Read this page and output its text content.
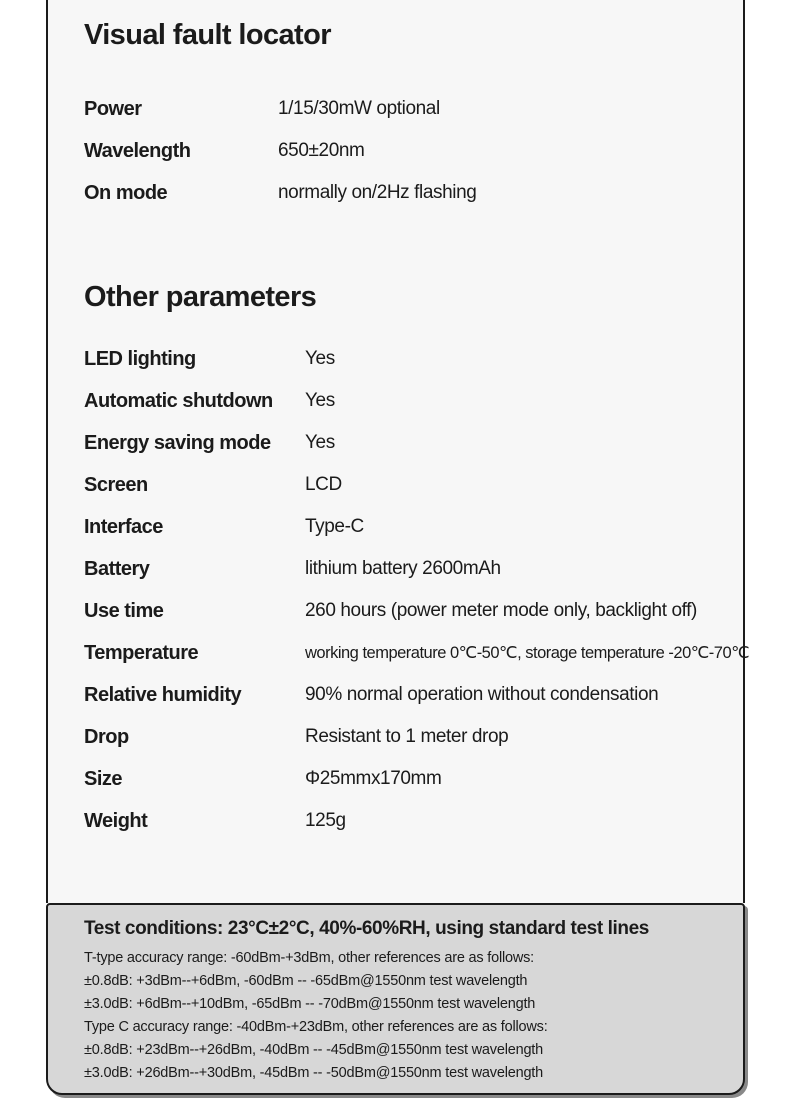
Visual fault locator
Power	1/15/30mW optional
Wavelength	650±20nm
On mode	normally on/2Hz flashing
Other parameters
LED lighting	Yes
Automatic shutdown	Yes
Energy saving mode	Yes
Screen	LCD
Interface	Type-C
Battery	lithium battery 2600mAh
Use time	260 hours (power meter mode only, backlight off)
Temperature	working temperature 0℃-50℃, storage temperature -20℃-70℃
Relative humidity	90% normal operation without condensation
Drop	Resistant to 1 meter drop
Size	Φ25mmx170mm
Weight	125g
Test conditions: 23°C±2°C, 40%-60%RH, using standard test lines
T-type accuracy range: -60dBm-+3dBm, other references are as follows:
±0.8dB: +3dBm--+6dBm, -60dBm -- -65dBm@1550nm test wavelength
±3.0dB: +6dBm--+10dBm, -65dBm -- -70dBm@1550nm test wavelength
Type C accuracy range: -40dBm-+23dBm, other references are as follows:
±0.8dB: +23dBm--+26dBm, -40dBm -- -45dBm@1550nm test wavelength
±3.0dB: +26dBm--+30dBm, -45dBm -- -50dBm@1550nm test wavelength
